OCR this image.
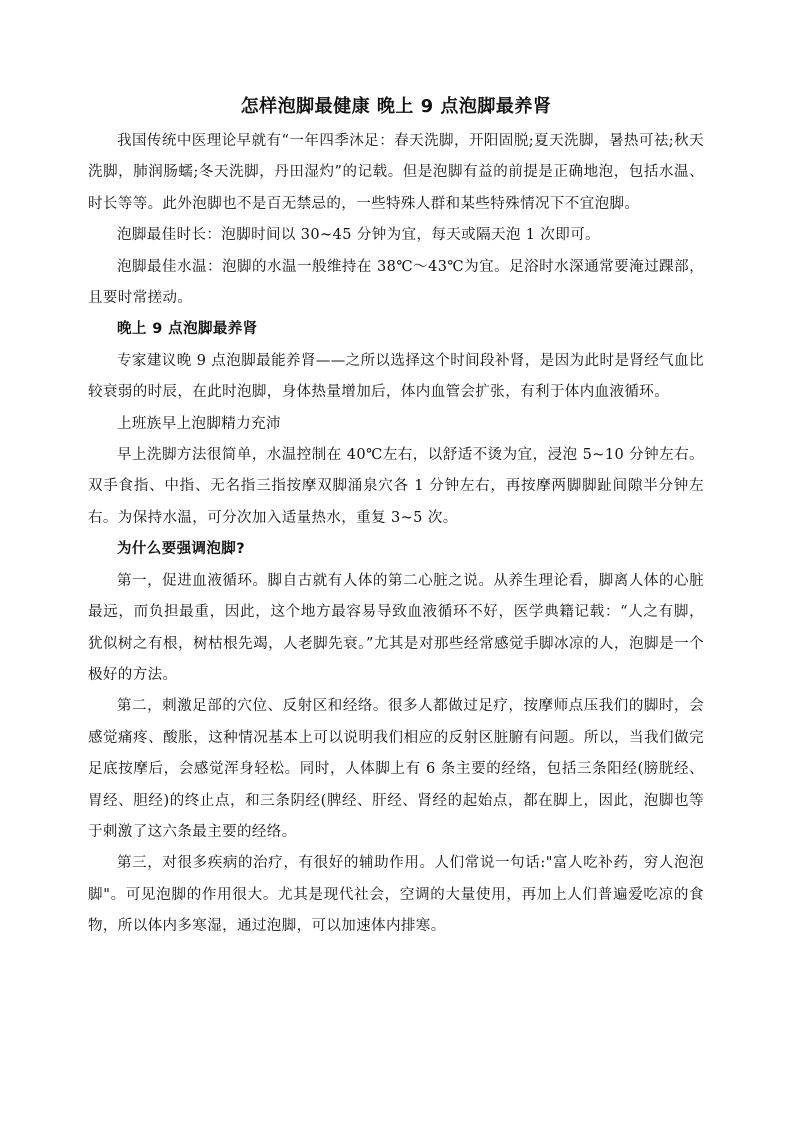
怎样泡脚最健康 晚上 9 点泡脚最养肾

我国传统中医理论早就有“一年四季沐足：春天洗脚，开阳固脱;夏天洗脚，暑热可祛;秋天洗脚，肺润肠蠕;冬天洗脚，丹田湿灼”的记载。但是泡脚有益的前提是正确地泡，包括水温、时长等等。此外泡脚也不是百无禁忌的，一些特殊人群和某些特殊情况下不宜泡脚。

泡脚最佳时长：泡脚时间以 30~45 分钟为宜，每天或隔天泡 1 次即可。

泡脚最佳水温：泡脚的水温一般维持在 38℃～43℃为宜。足浴时水深通常要淹过踝部，且要时常搓动。

晚上 9 点泡脚最养肾

专家建议晚 9 点泡脚最能养肾——之所以选择这个时间段补肾，是因为此时是肾经气血比较衰弱的时辰，在此时泡脚，身体热量增加后，体内血管会扩张，有利于体内血液循环。

上班族早上泡脚精力充沛

早上洗脚方法很简单，水温控制在 40℃左右，以舒适不烫为宜，浸泡 5~10 分钟左右。双手食指、中指、无名指三指按摩双脚涌泉穴各 1 分钟左右，再按摩两脚脚趾间隙半分钟左右。为保持水温，可分次加入适量热水，重复 3~5 次。

为什么要强调泡脚?

第一，促进血液循环。脚自古就有人体的第二心脏之说。从养生理论看，脚离人体的心脏最远，而负担最重，因此，这个地方最容易导致血液循环不好，医学典籍记载：“人之有脚，犹似树之有根，树枯根先竭，人老脚先衰。”尤其是对那些经常感觉手脚冰凉的人，泡脚是一个极好的方法。

第二，刺激足部的穴位、反射区和经络。很多人都做过足疗，按摩师点压我们的脚时，会感觉痛疼、酸胀，这种情况基本上可以说明我们相应的反射区脏腑有问题。所以，当我们做完足底按摩后，会感觉浑身轻松。同时，人体脚上有 6 条主要的经络，包括三条阳经(膀胱经、胃经、胆经)的终止点，和三条阴经(脾经、肝经、肾经的起始点，都在脚上，因此，泡脚也等于刺激了这六条最主要的经络。

第三，对很多疾病的治疗，有很好的辅助作用。人们常说一句话:"富人吃补药，穷人泡泡脚"。可见泡脚的作用很大。尤其是现代社会，空调的大量使用，再加上人们普遍爱吃凉的食物，所以体内多寒湿，通过泡脚，可以加速体内排寒。
